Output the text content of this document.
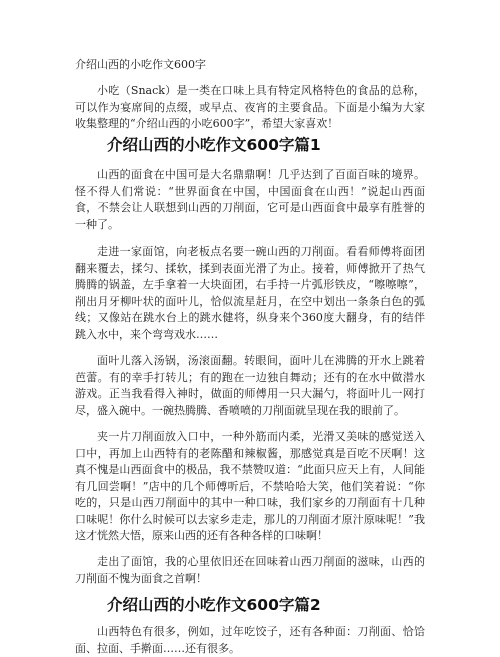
介绍山西的小吃作文600字

小吃（Snack）是一类在口味上具有特定风格特色的食品的总称，可以作为宴席间的点缀，或早点、夜宵的主要食品。下面是小编为大家收集整理的“介绍山西的小吃600字”，希望大家喜欢！

介绍山西的小吃作文600字篇1

山西的面食在中国可是大名鼎鼎啊！几乎达到了百面百味的境界。怪不得人们常说：“世界面食在中国，中国面食在山西！”说起山西面食，不禁会让人联想到山西的刀削面，它可是山西面食中最享有胜誉的一种了。

走进一家面馆，向老板点名要一碗山西的刀削面。看看师傅将面团翻来覆去，揉匀、揉软，揉到表面光滑了为止。接着，师傅掀开了热气腾腾的锅盖，左手拿着一大块面团，右手持一片弧形铁皮，“嚓嚓嚓”，削出月牙柳叶状的面叶儿，恰似流星赶月，在空中划出一条条白色的弧线；又像站在跳水台上的跳水健将，纵身来个360度大翻身，有的结伴跳入水中，来个弯弯戏水……

面叶儿落入汤锅，汤滚面翻。转眼间，面叶儿在沸腾的开水上跳着芭蕾。有的幸手打转儿；有的跑在一边独自舞动；还有的在水中做潜水游戏。正当我看得入神时，做面的师傅用一只大漏勺，将面叶儿一网打尽，盛入碗中。一碗热腾腾、香喷喷的刀削面就呈现在我的眼前了。

夹一片刀削面放入口中，一种外筋而内柔，光滑又美味的感觉送入口中，再加上山西特有的老陈醋和辣椒酱，那感觉真是百吃不厌啊！这真不愧是山西面食中的极品，我不禁赞叹道：“此面只应天上有，人间能有几回尝啊！”店中的几个师傅听后，不禁哈哈大笑，他们笑着说：“你吃的，只是山西刀削面中的其中一种口味，我们家乡的刀削面有十几种口味呢！你什么时候可以去家乡走走，那儿的刀削面才原汁原味呢！”我这才恍然大悟，原来山西的还有各种各样的口味啊！

走出了面馆，我的心里依旧还在回味着山西刀削面的滋味，山西的刀削面不愧为面食之首啊！

介绍山西的小吃作文600字篇2

山西特色有很多，例如，过年吃饺子，还有各种面：刀削面、恰饸面、拉面、手擀面……还有很多。
